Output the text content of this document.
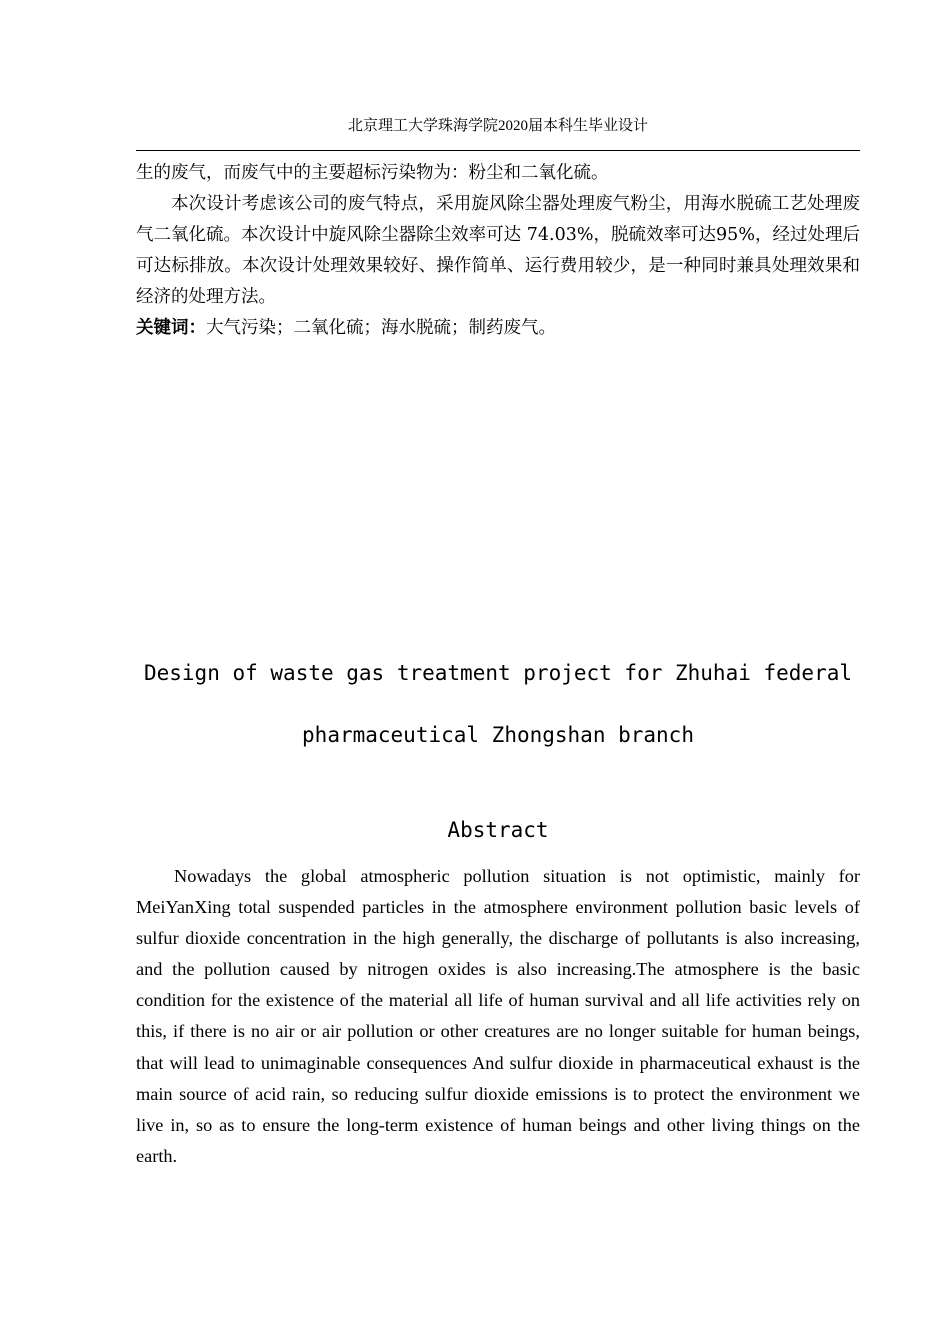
北京理工大学珠海学院2020届本科生毕业设计

生的废气，而废气中的主要超标污染物为：粉尘和二氧化硫。

本次设计考虑该公司的废气特点，采用旋风除尘器处理废气粉尘，用海水脱硫工艺处理废气二氧化硫。本次设计中旋风除尘器除尘效率可达 74.03%，脱硫效率可达95%，经过处理后可达标排放。本次设计处理效果较好、操作简单、运行费用较少，是一种同时兼具处理效果和经济的处理方法。

关键词：大气污染；二氧化硫；海水脱硫；制药废气。

Design of waste gas treatment project for Zhuhai federal
pharmaceutical Zhongshan branch
Abstract

Nowadays the global atmospheric pollution situation is not optimistic, mainly for MeiYanXing total suspended particles in the atmosphere environment pollution basic levels of sulfur dioxide concentration in the high generally, the discharge of pollutants is also increasing, and the pollution caused by nitrogen oxides is also increasing.The atmosphere is the basic condition for the existence of the material all life of human survival and all life activities rely on this, if there is no air or air pollution or other creatures are no longer suitable for human beings, that will lead to unimaginable consequences And sulfur dioxide in pharmaceutical exhaust is the main source of acid rain, so reducing sulfur dioxide emissions is to protect the environment we live in, so as to ensure the long-term existence of human beings and other living things on the earth.
